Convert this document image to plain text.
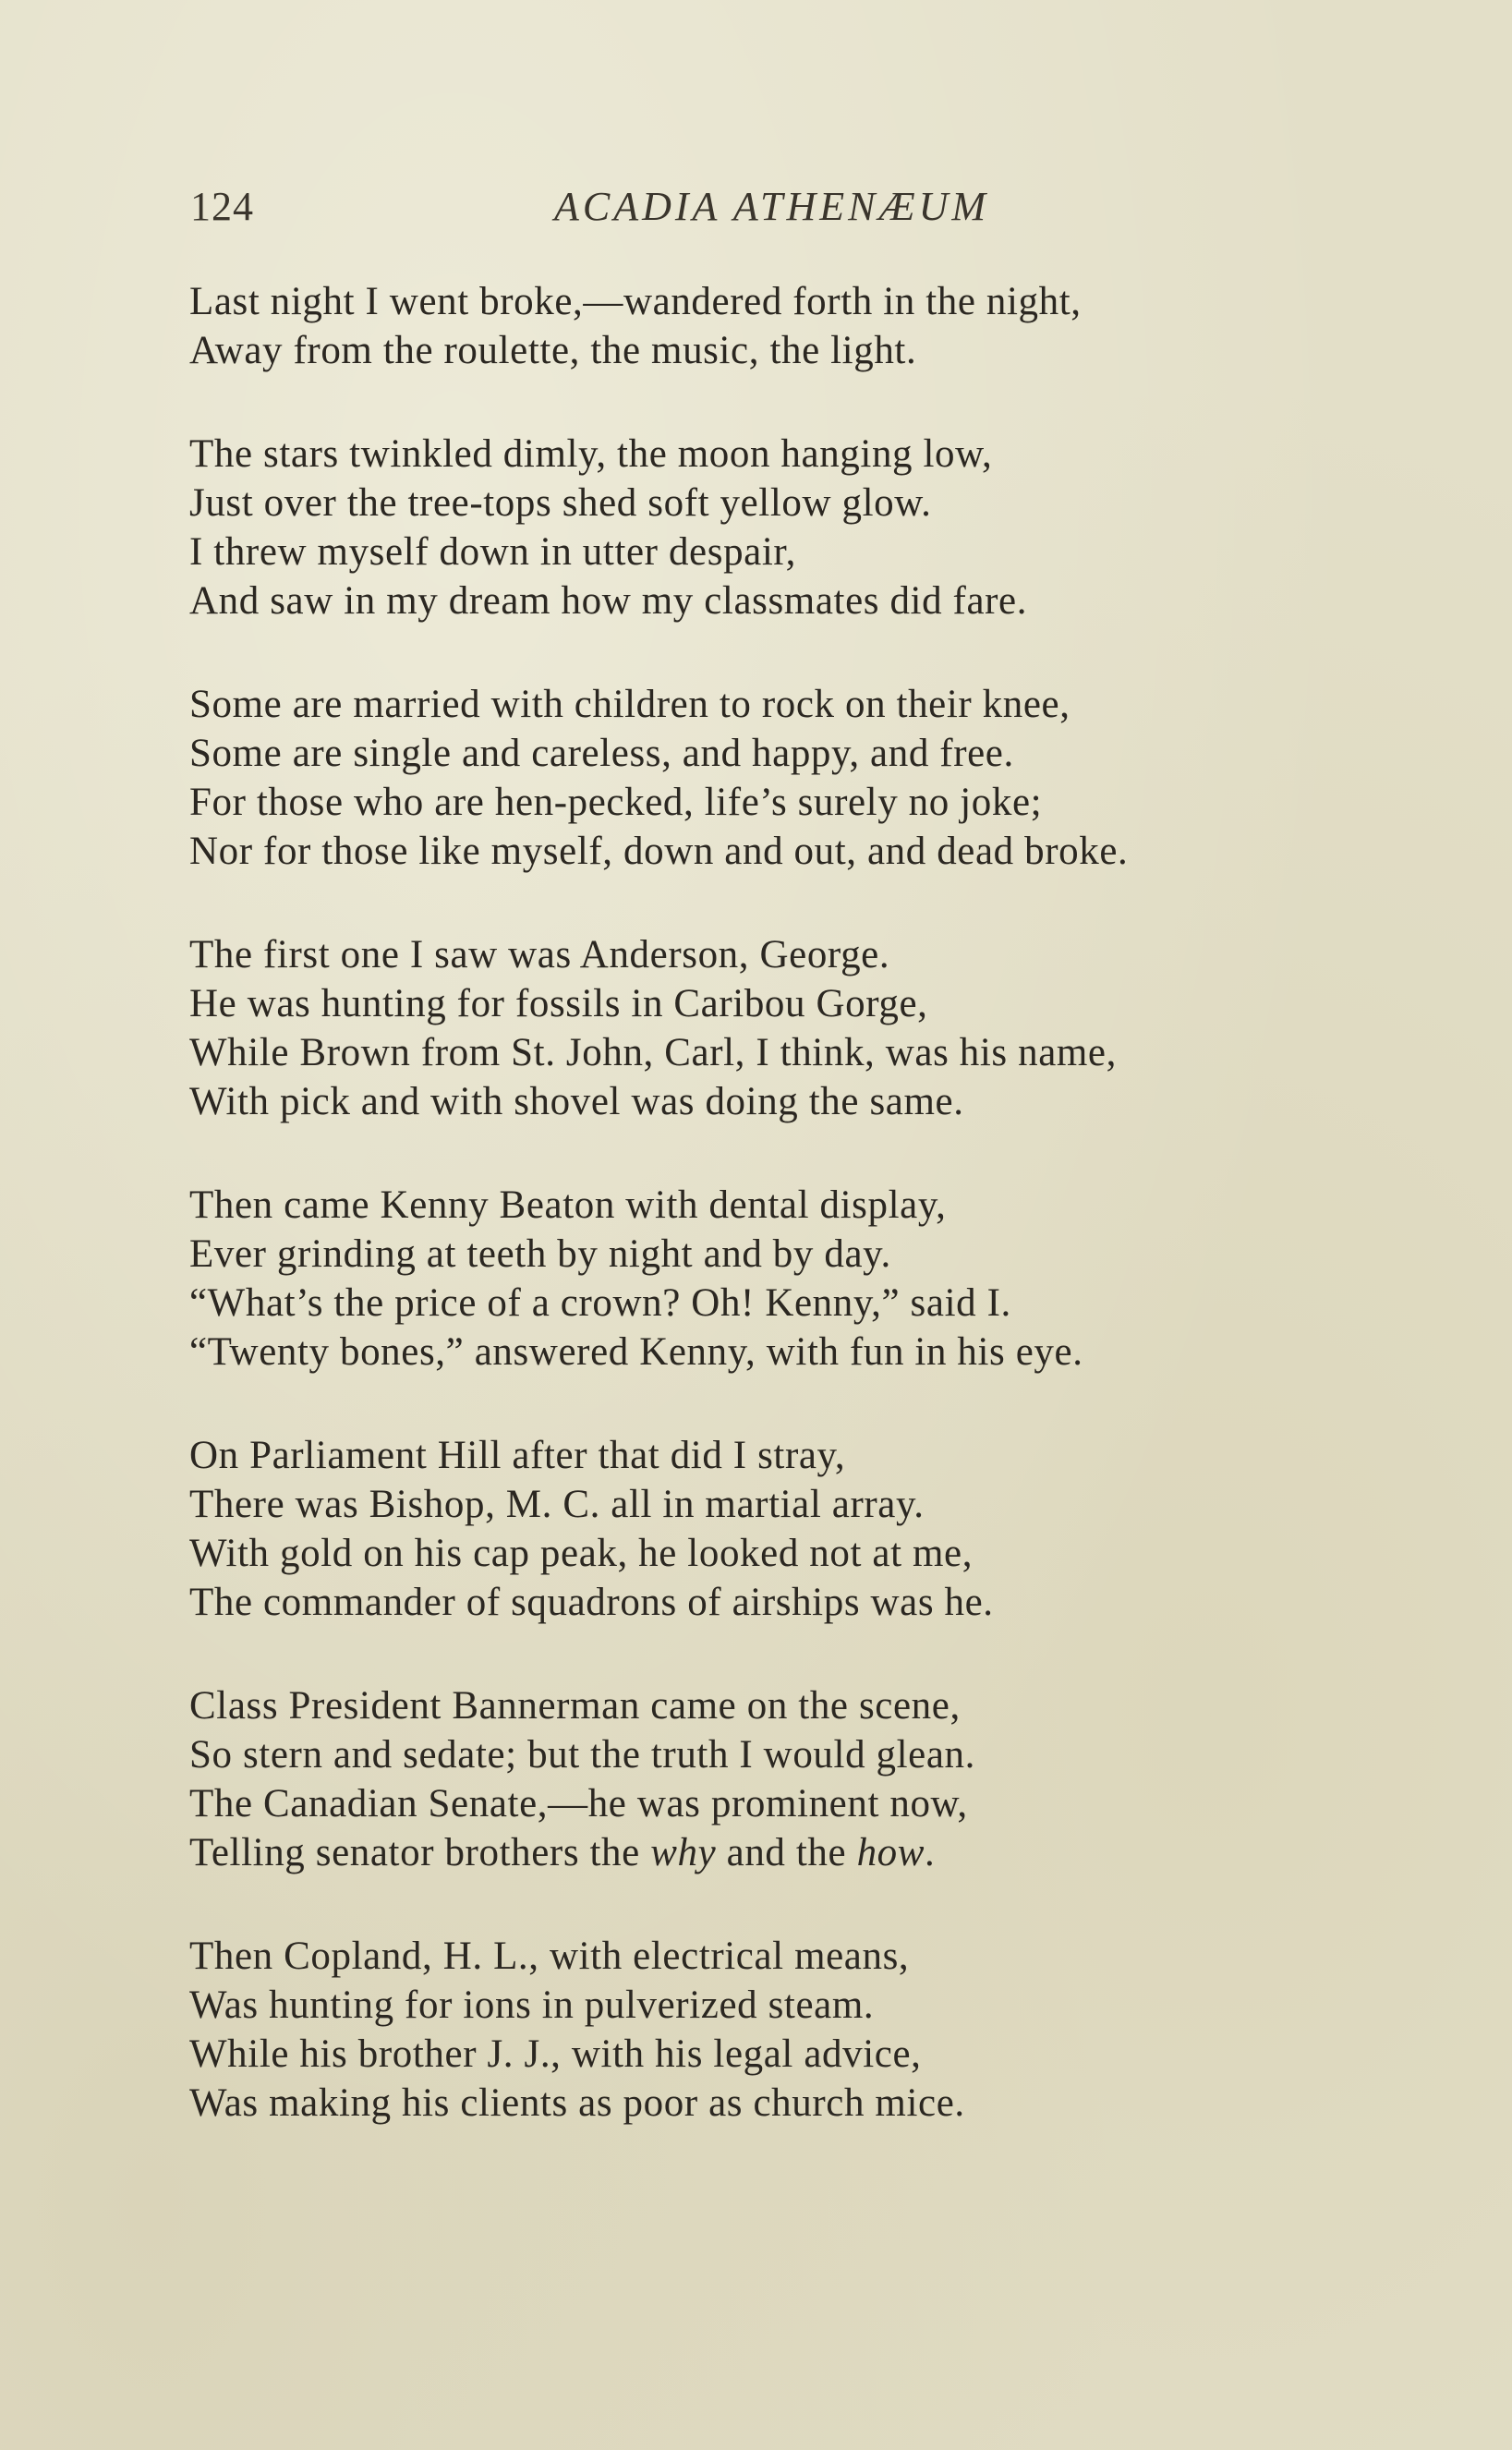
124	ACADIA ATHENÆUM
Last night I went broke,—wandered forth in the night,
Away from the roulette, the music, the light.
The stars twinkled dimly, the moon hanging low,
Just over the tree-tops shed soft yellow glow.
I threw myself down in utter despair,
And saw in my dream how my classmates did fare.
Some are married with children to rock on their knee,
Some are single and careless, and happy, and free.
For those who are hen-pecked, life’s surely no joke;
Nor for those like myself, down and out, and dead broke.
The first one I saw was Anderson, George.
He was hunting for fossils in Caribou Gorge,
While Brown from St. John, Carl, I think, was his name,
With pick and with shovel was doing the same.
Then came Kenny Beaton with dental display,
Ever grinding at teeth by night and by day.
“What’s the price of a crown? Oh! Kenny,” said I.
“Twenty bones,” answered Kenny, with fun in his eye.
On Parliament Hill after that did I stray,
There was Bishop, M. C. all in martial array.
With gold on his cap peak, he looked not at me,
The commander of squadrons of airships was he.
Class President Bannerman came on the scene,
So stern and sedate; but the truth I would glean.
The Canadian Senate,—he was prominent now,
Telling senator brothers the why and the how.
Then Copland, H. L., with electrical means,
Was hunting for ions in pulverized steam.
While his brother J. J., with his legal advice,
Was making his clients as poor as church mice.
